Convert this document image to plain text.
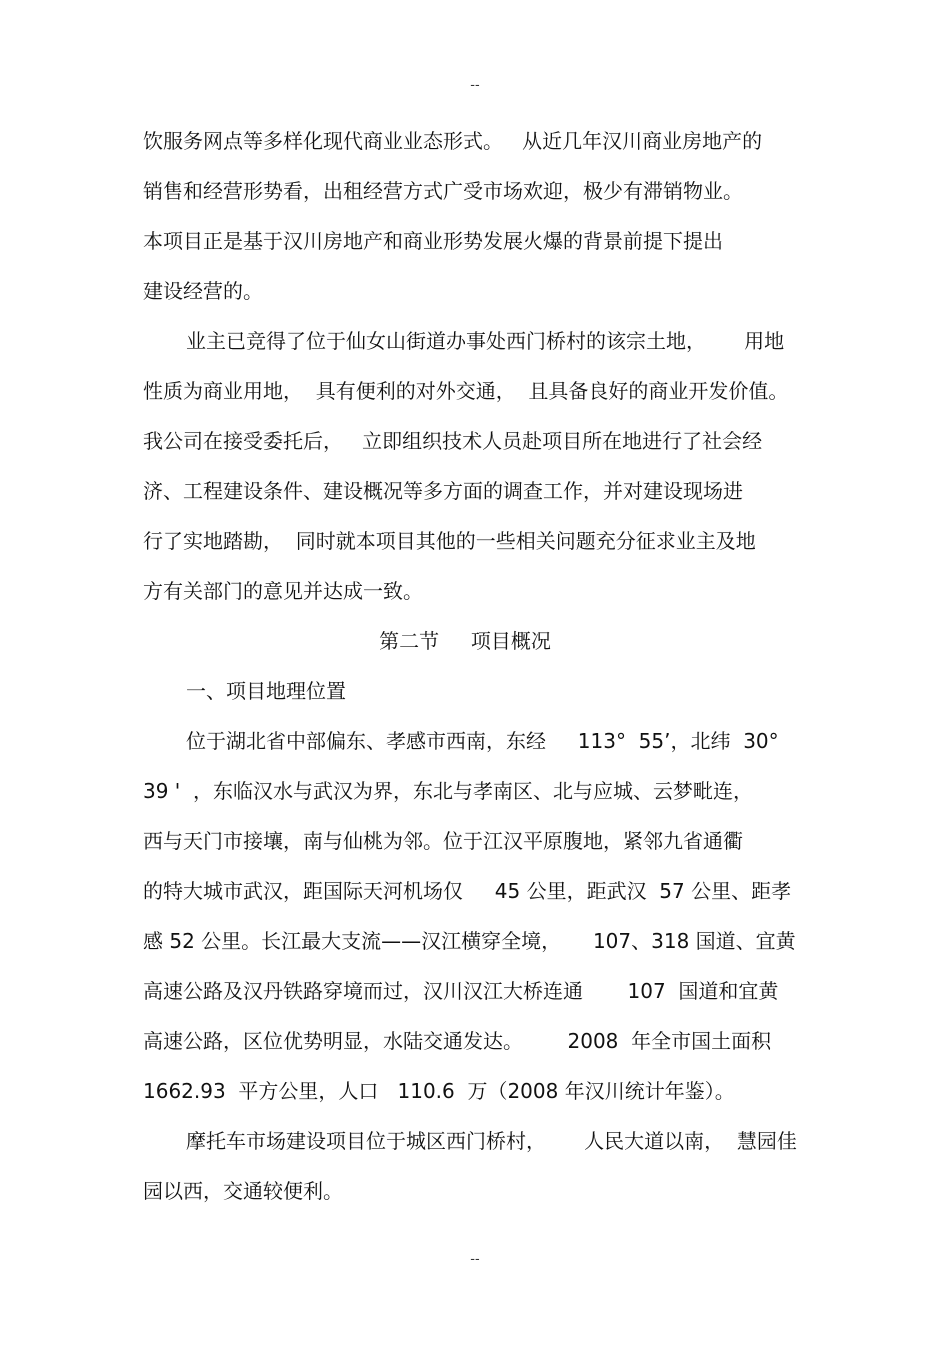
--
饮服务网点等多样化现代商业业态形式。   从近几年汉川商业房地产的
销售和经营形势看，出租经营方式广受市场欢迎，极少有滞销物业。
本项目正是基于汉川房地产和商业形势发展火爆的背景前提下提出
建设经营的。
业主已竞得了位于仙女山街道办事处西门桥村的该宗土地，      用地
性质为商业用地，  具有便利的对外交通，  且具备良好的商业开发价值。
我公司在接受委托后，   立即组织技术人员赴项目所在地进行了社会经
济、工程建设条件、建设概况等多方面的调查工作，并对建设现场进
行了实地踏勘，  同时就本项目其他的一些相关问题充分征求业主及地
方有关部门的意见并达成一致。
第二节     项目概况
一、项目地理位置
位于湖北省中部偏东、孝感市西南，东经     113°  55’，北纬  30°
39 '  ，东临汉水与武汉为界，东北与孝南区、北与应城、云梦毗连，
西与天门市接壤，南与仙桃为邻。位于江汉平原腹地，紧邻九省通衢
的特大城市武汉，距国际天河机场仅     45 公里，距武汉  57 公里、距孝
感 52 公里。长江最大支流——汉江横穿全境，     107、318 国道、宜黄
高速公路及汉丹铁路穿境而过，汉川汉江大桥连通       107  国道和宜黄
高速公路，区位优势明显，水陆交通发达。       2008  年全市国土面积
1662.93  平方公里，人口   110.6  万（2008 年汉川统计年鉴）。
摩托车市场建设项目位于城区西门桥村，      人民大道以南，  慧园佳
园以西，交通较便利。
--
